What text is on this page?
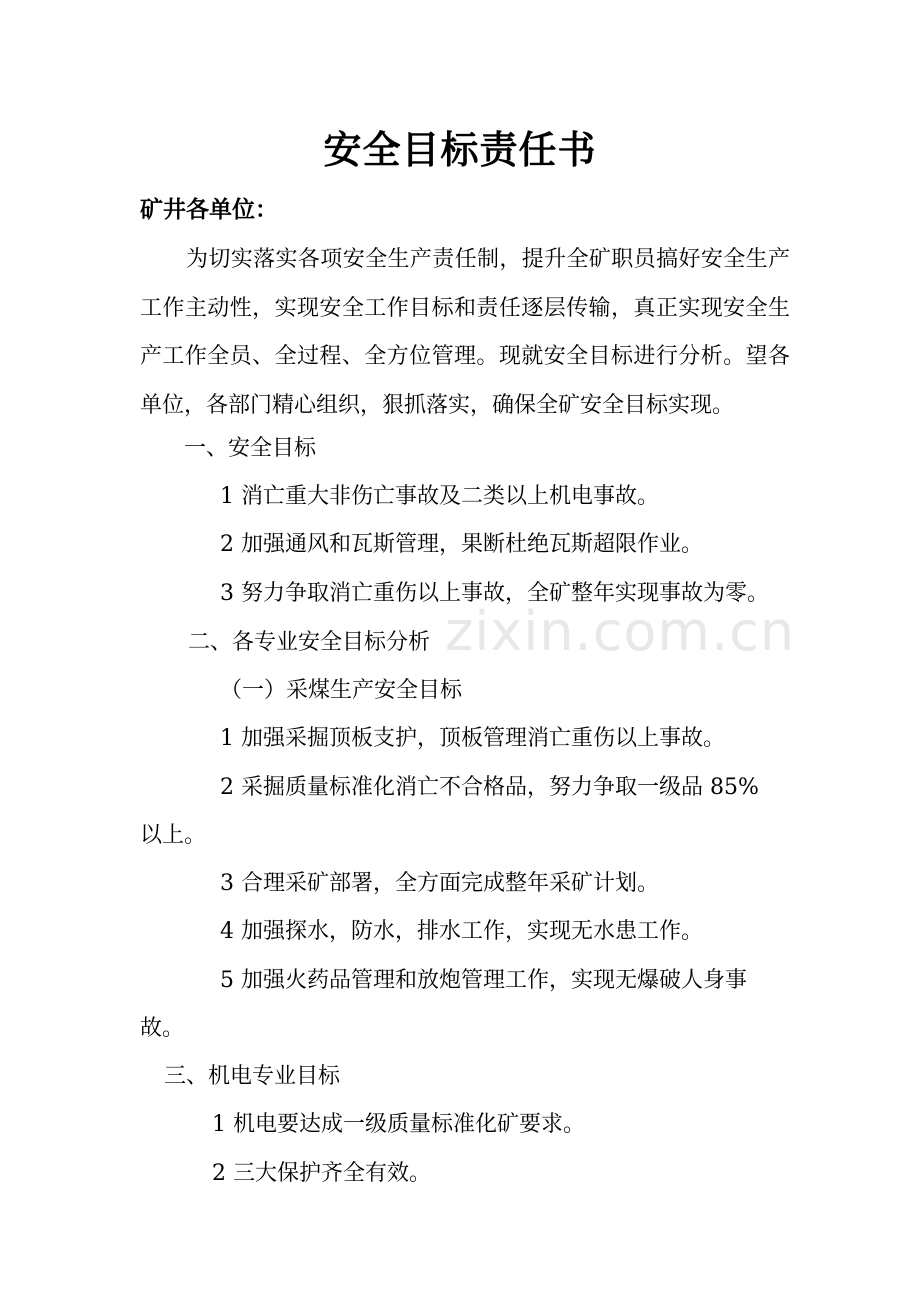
安全目标责任书

矿井各单位：

为切实落实各项安全生产责任制，提升全矿职员搞好安全生产工作主动性，实现安全工作目标和责任逐层传输，真正实现安全生产工作全员、全过程、全方位管理。现就安全目标进行分析。望各单位，各部门精心组织，狠抓落实，确保全矿安全目标实现。

一、安全目标

1 消亡重大非伤亡事故及二类以上机电事故。

2 加强通风和瓦斯管理，果断杜绝瓦斯超限作业。

3 努力争取消亡重伤以上事故，全矿整年实现事故为零。

二、各专业安全目标分析

（一）采煤生产安全目标

1 加强采掘顶板支护，顶板管理消亡重伤以上事故。

2 采掘质量标准化消亡不合格品，努力争取一级品 85%

以上。

3 合理采矿部署，全方面完成整年采矿计划。

4 加强探水，防水，排水工作，实现无水患工作。

5 加强火药品管理和放炮管理工作，实现无爆破人身事

故。

三、机电专业目标

1 机电要达成一级质量标准化矿要求。

2 三大保护齐全有效。

zixin.com.cn
